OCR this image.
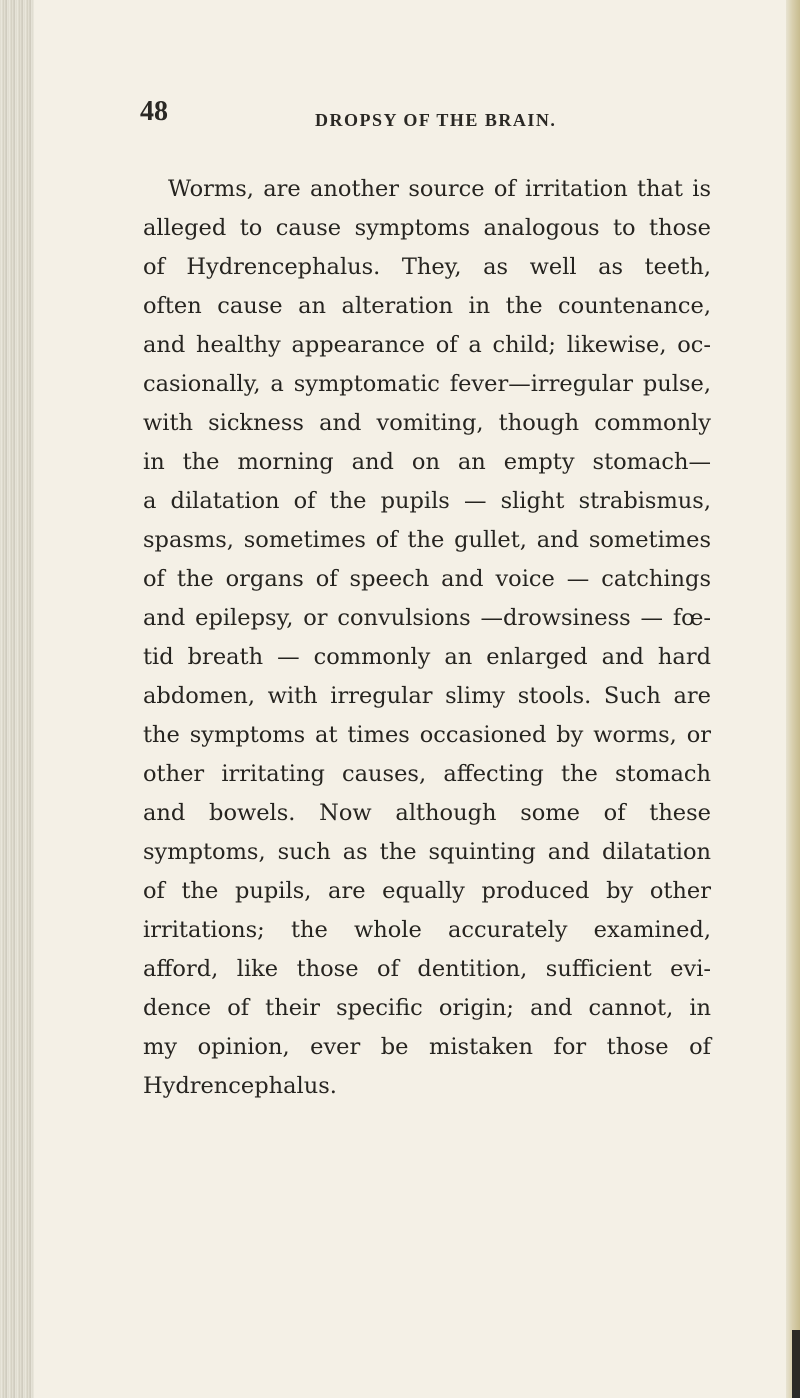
48	DROPSY OF THE BRAIN.
Worms, are another source of irritation that is
alleged to cause symptoms analogous to those
of Hydrencephalus. They, as well as teeth,
often cause an alteration in the countenance,
and healthy appearance of a child; likewise, oc-
casionally, a symptomatic fever—irregular pulse,
with sickness and vomiting, though commonly
in the morning and on an empty stomach—
a dilatation of the pupils — slight strabismus,
spasms, sometimes of the gullet, and sometimes
of the organs of speech and voice — catchings
and epilepsy, or convulsions —drowsiness — fœ-
tid breath — commonly an enlarged and hard
abdomen, with irregular slimy stools. Such are
the symptoms at times occasioned by worms, or
other irritating causes, affecting the stomach
and bowels. Now although some of these
symptoms, such as the squinting and dilatation
of the pupils, are equally produced by other
irritations; the whole accurately examined,
afford, like those of dentition, sufficient evi-
dence of their specific origin; and cannot, in
my opinion, ever be mistaken for those of
Hydrencephalus.
